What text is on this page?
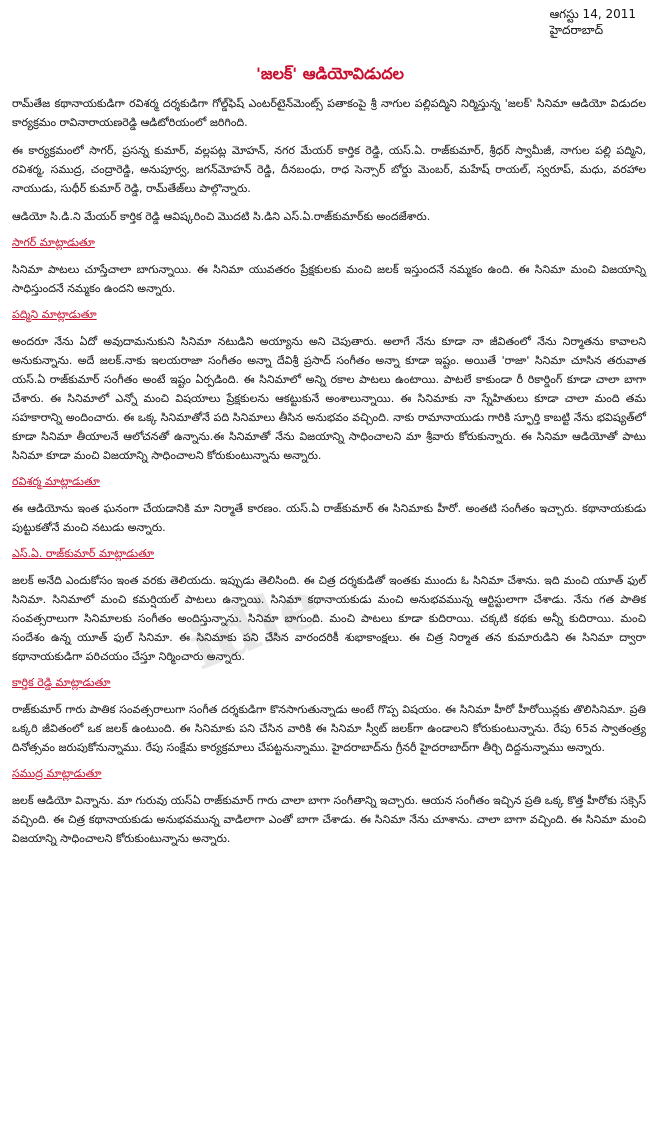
idle
ఆగస్టు 14, 2011
హైదరాబాద్
'జలక్' ఆడియోవిడుదల

రామ్‌తేజ కథానాయకుడిగా రవిశర్మ దర్శకుడిగా గోల్డ్‌ఫిష్ ఎంటర్‌టైన్‌మెంట్స్ పతాకంపై శ్రీ నాగుల పల్లిపద్మిని నిర్మిస్తున్న 'జలక్' సినిమా ఆడియో విడుదల కార్యక్రమం రావినారాయణరెడ్డి ఆడిటోరియంలో జరిగింది.

ఈ కార్యక్రమంలో సాగర్, ప్రసన్న కుమార్, వల్లపట్ల మోహన్, నగర మేయర్ కార్తిక రెడ్డి, యస్.ఏ. రాజ్‌కుమార్, శ్రీధర్ స్వామీజీ, నాగుల పల్లి పద్మిని, రవిశర్మ, సముద్ర, చంద్రారెడ్డి, అనుపూర్వ, జగన్‌మోహన్ రెడ్డి, దీనబంధు, రాధ సెన్సార్ బోర్డు మెంబర్, మహేష్ రాయల్, స్వరూప్, మధు, వరహాల నాయుడు, సుధీర్ కుమార్ రెడ్డి, రామ్‌తేజ్‌లు పాల్గొన్నారు.

ఆడియో సి.డి.ని మేయర్ కార్తిక రెడ్డి ఆవిష్కరించి మొదటి సి.డిని ఎస్.ఏ.రాజ్‌కుమార్‌కు అందజేశారు.

సాగర్ మాట్లాడుతూ

సినిమా పాటలు చూస్తేచాలా బాగున్నాయి. ఈ సినిమా యువతరం ప్రేక్షకులకు మంచి జలక్ ఇస్తుందనే నమ్మకం ఉంది. ఈ సినిమా మంచి విజయాన్ని సాధిస్తుందనే నమ్మకం ఉందని అన్నారు.

పద్మిని మాట్లాడుతూ

అందరూ నేను ఏదో అవుదామనుకుని సినిమా నటుడిని అయ్యాను అని చెపుతారు. అలాగే నేను కూడా నా జీవితంలో నేను నిర్మాతను కావాలని అనుకున్నాను. అదే జలక్.నాకు ఇలయరాజా సంగీతం అన్నా దేవిశ్రీ ప్రసాద్ సంగీతం అన్నా కూడా ఇష్టం. అయితే 'రాజా' సినిమా చూసిన తరువాత యస్.ఏ రాజ్‌కుమార్ సంగీతం అంటే ఇష్టం ఏర్పడింది. ఈ సినిమాలో అన్ని రకాల పాటలు ఉంటాయి. పాటలే కాకుండా రీ రికార్డింగ్ కూడా చాలా బాగా చేశారు. ఈ సినిమాలో ఎన్నో మంచి విషయాలు ప్రేక్షకులను ఆకట్టుకునే అంశాలున్నాయి. ఈ సినిమాకు నా స్నేహితులు కూడా చాలా మంది తమ సహకారాన్ని అందించారు. ఈ ఒక్క సినిమాతోనే పది సినిమాలు తీసిన అనుభవం వచ్చింది. నాకు రామానాయుడు గారికి స్ఫూర్తి కాబట్టి నేను భవిష్యత్‌లో కూడా సినిమా తీయాలనే ఆలోచనతో ఉన్నాను.ఈ సినిమాతో నేను విజయాన్ని సాధించాలని మా శ్రీవారు కోరుకున్నారు. ఈ సినిమా ఆడియోతో పాటు సినిమా కూడా మంచి విజయాన్ని సాధించాలని కోరుకుంటున్నాను అన్నారు.

రవిశర్మ మాట్లాడుతూ

ఈ ఆడియోను ఇంత ఘనంగా చేయడానికి మా నిర్మాతే కారణం. యస్.ఏ రాజ్‌కుమార్ ఈ సినిమాకు హీరో. అంతటి సంగీతం ఇచ్చారు. కథానాయకుడు పుట్టుకతోనే మంచి నటుడు అన్నారు.

ఎస్.ఏ. రాజ్‌కుమార్ మాట్లాడుతూ

జలక్ అనేది ఎందుకోసం ఇంత వరకు తెలియదు. ఇప్పుడు తెలిసింది. ఈ చిత్ర దర్శకుడితో ఇంతకు ముందు ఓ సినిమా చేశాను. ఇది మంచి యూత్ ఫుల్ సినిమా. సినిమాలో మంచి కమర్షియల్ పాటలు ఉన్నాయి. సినిమా కథానాయకుడు మంచి అనుభవమున్న ఆర్టిస్టులాగా చేశాడు. నేను గత పాతిక సంవత్సరాలుగా సినిమాలకు సంగీతం అందిస్తున్నాను. సినిమా బాగుంది. మంచి పాటలు కూడా కుదిరాయి. చక్కటి కథకు అన్నీ కుదిరాయి. మంచి సందేశం ఉన్న యూత్ ఫుల్ సినిమా. ఈ సినిమాకు పని చేసిన వారందరికీ శుభాకాంక్షలు. ఈ చిత్ర నిర్మాత తన కుమారుడిని ఈ సినిమా ద్వారా కథానాయకుడిగా పరిచయం చేస్తూ నిర్మించారు అన్నారు.

కార్తిక రెడ్డి మాట్లాడుతూ

రాజ్‌కుమార్ గారు పాతిక సంవత్సరాలుగా సంగీత దర్శకుడిగా కొనసాగుతున్నాడు అంటే గొప్ప విషయం. ఈ సినిమా హీరో హీరోయిన్లకు తొలిసినిమా. ప్రతి ఒక్కరి జీవితంలో ఒక జలక్ ఉంటుంది. ఈ సినిమాకు పని చేసిన వారికి ఈ సినిమా స్వీట్ జలక్‌గా ఉండాలని కోరుకుంటున్నాను. రేపు 65వ స్వాతంత్ర్య దినోత్సవం జరుపుకోనున్నాము. రేపు సంక్షేమ కార్యక్రమాలు చేపట్టనున్నాము. హైదరాబాద్‌ను గ్రీనరీ హైదరాబాద్‌గా తీర్చి దిద్దనున్నాము అన్నారు.

సముద్ర మాట్లాడుతూ

జలక్ ఆడియో విన్నాను. మా గురువు యస్ఏ రాజ్‌కుమార్ గారు చాలా బాగా సంగీతాన్ని ఇచ్చారు. ఆయన సంగీతం ఇచ్చిన ప్రతి ఒక్క కొత్త హీరోకు సక్సెస్ వచ్చింది. ఈ చిత్ర కథానాయకుడు అనుభవమున్న వాడిలాగా ఎంతో బాగా చేశాడు. ఈ సినిమా నేను చూశాను. చాలా బాగా వచ్చింది. ఈ సినిమా మంచి విజయాన్ని సాధించాలని కోరుకుంటున్నాను అన్నారు.
